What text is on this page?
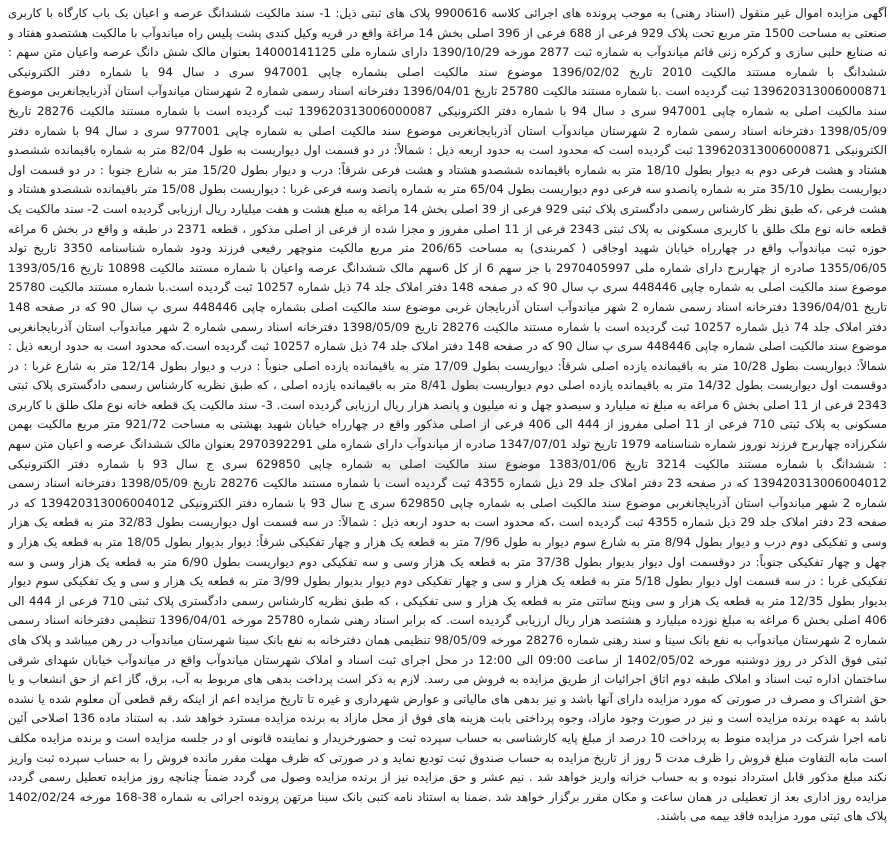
آگهی مزایده اموال غیر منقول (اسناد رهنی) به موجب پرونده های اجرائی کلاسه 9900616 پلاک های ثبتی ذیل: 1- سند مالکیت ششدانگ عرصه و اعیان یک باب کارگاه با کاربری صنعتی به مساحت 1500 متر مربع تحت پلاک 929 فرعی از 688 فرعی از 396 اصلی بخش 14 مراغة واقع در قریه وکیل کندی پشت پلیس راه میاندوآب با مالکیت هشتصدو هفتاد و نه صنایع حلبی سازی و کرکره زنی قائم میاندوآب به شماره ثبت 2877 مورخه 1390/10/29 دارای شماره ملی 14000141125 بعنوان مالک شش دانگ عرصه واعیان متن سهم : ششدانگ با شماره مستند مالکیت 2010 تاریخ 1396/02/02 موضوع سند مالکیت اصلی بشماره چاپی 947001 سری د سال 94 با شماره دفتر الکترونیکی 139620313006000871 ثبت گردیده است .با شماره مستند مالکیت 25780 تاریخ 1396/04/01 دفترخانه اسناد رسمی شماره 2 شهرستان میاندوآب استان آذربایجانغربی موضوع سند مالکیت اصلی به شماره چاپی 947001 سری د سال 94 با شماره دفتر الکترونیکی 139620313006000087 ثبت گردیده است با شماره مستند مالکیت 28276 تاریخ 1398/05/09 دفترخانه اسناد رسمی شماره 2 شهرستان میاندوآب استان آذربایجانغربی موضوع سند مالکیت اصلی به شماره چاپی 977001 سری د سال 94 با شماره دفتر الکترونیکی 139620313006000871 ثبت گردیده است که محدود است به حدود اربعه ذیل : شمالاً: در دو قسمت اول دیواریست به طول 82/04 متر به شماره باقیمانده ششصدو هشتاد و هشت فرعی دوم به دیوار بطول 18/10 متر به شماره باقیمانده ششصدو هشتاد و هشت فرعی شرقاً: درب و دیوار بطول 15/20 متر به شارع جنوبا : در دو قسمت اول دیواریست بطول 35/10 متر به شماره پانصدو سه فرعی دوم دیواریست بطول 65/04 متر به شماره پانصد وسه فرعی غربا : دیواریست بطول 15/08 متر باقیمانده ششصدو هشتاد و هشت فرعی ،که طبق نظر کارشناس رسمی دادگستری پلاک ثبتی 929 فرعی از 39 اصلی بخش 14 مراغه به مبلغ هشت و هفت میلیارد ریال ارزیابی گردیده است 2- سند مالکیت یک قطعه خانه نوع ملک طلق با کاربری مسکونی به پلاک ثبتی 2343 فرعی از 11 اصلی مفروز و مجزا شده از فرعی از اصلی مذکور ، قطعه 2371 در طبقه و واقع در بخش 6 مراغه حوزه ثبت میاندوآب واقع در چهارراه خیابان شهید اوجاقی ( کمربندی) به مساحت 206/65 متر مربع مالکیت منوچهر رفیعی فرزند ودود شماره شناسنامه 3350 تاریخ تولد 1355/06/05 صادره از چهاربرج دارای شماره ملی 2970405997 با جز سهم 6 از کل 6سهم مالک ششدانگ عرصه واعیان با شماره مستند مالکیت 10898 تاریخ 1393/05/16 موضوع سند مالکیت اصلی به شماره چاپی 448446 سری پ سال 90 که در صفحه 148 دفتر املاک جلد 74 ذیل شماره 10257 ثبت گردیده است.با شماره مستند مالکیت 25780 تاریخ 1396/04/01 دفترخانه اسناد رسمی شماره 2 شهر میاندوآب استان آذربایجان غربی موضوع سند مالکیت اصلی بشماره چاپی 448446 سری پ سال 90 که در صفحه 148 دفتر املاک جلد 74 ذیل شماره 10257 ثبت گردیده است با شماره مستند مالکیت 28276 تاریخ 1398/05/09 دفترخانه اسناد رسمی شماره 2 شهر میاندوآب استان آذربایجانغربی موضوع سند مالکیت اصلی شماره چاپی 448446 سری پ سال 90 که در صفحه 148 دفتر املاک جلد 74 ذیل شماره 10257 ثبت گردیده است.که محدود است به حدود اربعه ذیل : شمالاً: دیواریست بطول 10/28 متر به باقیمانده یازده اصلی شرقاً: دیواریست بطول 17/09 متر به باقیمانده یازده اصلی جنوباً : درب و دیوار بطول 12/14 متر به شارع غربا : در دوقسمت اول دیواریست بطول 14/32 متر به باقیمانده یازده اصلی دوم دیواریست بطول 8/41 متر به باقیمانده یازده اصلی ، که طبق نظریه کارشناس رسمی دادگستری پلاک ثبتی 2343 فرعی از 11 اصلی بخش 6 مراغه به مبلغ نه میلیارد و سیصدو چهل و نه میلیون و پانصد هزار ریال ارزیابی گردیده است. 3- سند مالکیت یک قطعه خانه نوع ملک طلق با کاربری مسکونی به پلاک ثبتی 710 فرعی از 11 اصلی مفروز از 444 الی 406 فرعی از اصلی مذکور واقع در چهارراه خیابان شهید بهشتی به مساحت 921/72 متر مربع مالکیت بهمن شکرزاده چهاربرج فرزند نوروز شماره شناسنامه 1979 تاریخ تولد 1347/07/01 صادره از میاندوآب دارای شماره ملی 2970392291 بعنوان مالک ششدانگ عرصه و اعیان متن سهم : ششدانگ با شماره مستند مالکیت 3214 تاریخ 1383/01/06 موضوع سند مالکیت اصلی به شماره چاپی 629850 سری ج سال 93 با شماره دفتر الکترونیکی 139420313006004012 که در صفحه 23 دفتر املاک جلد 29 ذیل شماره 4355 ثبت گردیده است با شماره مستند مالکیت 28276 تاریخ 1398/05/09 دفترخانه اسناد رسمی شماره 2 شهر میاندوآب استان آذربایجانغربی موضوع سند مالکیت اصلی به شماره چاپی 629850 سری ج سال 93 با شماره دفتر الکترونیکی 139420313006004012 که در صفحه 23 دفتر املاک جلد 29 ذیل شماره 4355 ثبت گردیده است ،که محدود است به حدود اربعه ذیل : شمالاً: در سه قسمت اول دیواریست بطول 32/83 متر به قطعه یک هزار وسی و تفکیکی دوم درب و دیوار بطول 8/94 متر به شارع سوم دیوار به طول 7/96 متر به قطعه یک هزار و چهار تفکیکی شرقاً: دیوار بدیوار بطول 18/05 متر به قطعه یک هزار و چهل و چهار تفکیکی جنوباً: در دوقسمت اول دیوار بدیوار بطول 37/38 متر به قطعه یک هزار وسی و سه تفکیکی دوم دیواریست بطول 6/90 متر به قطعه یک هزار وسی و سه تفکیکی غربا : در سه قسمت اول دیوار بطول 5/18 متر به قطعه یک هزار و سی و چهار تفکیکی دوم دیوار بدیوار بطول 3/99 متر به قطعه یک هزار و سی و یک تفکیکی سوم دیوار بدیوار بطول 12/35 متر به قطعه یک هزار و سی وپنج ساتتی متر به قطعه یک هزار و سی تفکیکی ، که طبق نظریه کارشناس رسمی دادگستری پلاک ثبتی 710 فرعی از 444 الی 406 اصلی بخش 6 مراغه به مبلغ نوزده میلیارد و هشتصد هزار ریال ارزیابی گردیده است. که برابر اسناد رهنی شماره 25780 مورخه 1396/04/01 تنظیمی دفترخانه اسناد رسمی شماره 2 شهرستان میاندوآب به نفع بانک سینا و سند رهنی شماره 28276 مورخه 98/05/09 تنظیمی همان دفترخانه به نفع بانک سینا شهرستان میاندوآب در رهن میباشد و پلاک های ثبتی فوق الذکر در روز دوشنبه مورخه 1402/05/02 از ساعت 09:00 الی 12:00 در محل اجرای ثبت اسناد و املاک شهرستان میاندوآب واقع در میاندوآب خیابان شهدای شرقی ساختمان اداره ثبت اسناد و املاک طبقه دوم اتاق اجرائیات از طریق مزایده به فروش می رسد. لازم به ذکر است پرداخت بدهی های مربوط به آب، برق، گاز اعم از حق انشعاب و یا حق اشتراک و مصرف در صورتی که مورد مزایده دارای آنها باشد و نیز بدهی های مالیاتی و عوارض شهرداری و غیره تا تاریخ مزایده اعم از اینکه رقم قطعی آن معلوم شده یا نشده باشد به عهده برنده مزایده است و نیز در صورت وجود مازاد، وجوه پرداختی بابت هزینه های فوق از محل مازاد به برنده مزایده مسترد خواهد شد. به استناد ماده 136 اصلاحی آئین نامه اجرا شرکت در مزایده منوط به پرداخت 10 درصد از مبلغ پایه کارشناسی به حساب سپرده ثبت و حضورخریدار و نماینده قانونی او در جلسه مزایده است و برنده مزایده مکلف است مابه التفاوت مبلغ فروش را ظرف مدت 5 روز از تاریخ مزایده به حساب صندوق ثبت تودیع نماید و در صورتی که ظرف مهلت مقرر مانده فروش را به حساب سپرده ثبت واریز نکند مبلغ مذکور قابل استرداد نبوده و به حساب خزانه واریز خواهد شد . نیم عشر و حق مزایده نیز از برنده مزایده وصول می گردد ضمناً چنانچه روز مزایده تعطیل رسمی گردد، مزایده روز اداری بعد از تعطیلی در همان ساعت و مکان مقرر برگزار خواهد شد .ضمنا به استناد نامه کتبی بانک سینا مرتهن پرونده اجرائی به شماره 38-168 مورخه 1402/02/24 پلاک های ثبتی مورد مزایده فاقد بیمه می باشند.
